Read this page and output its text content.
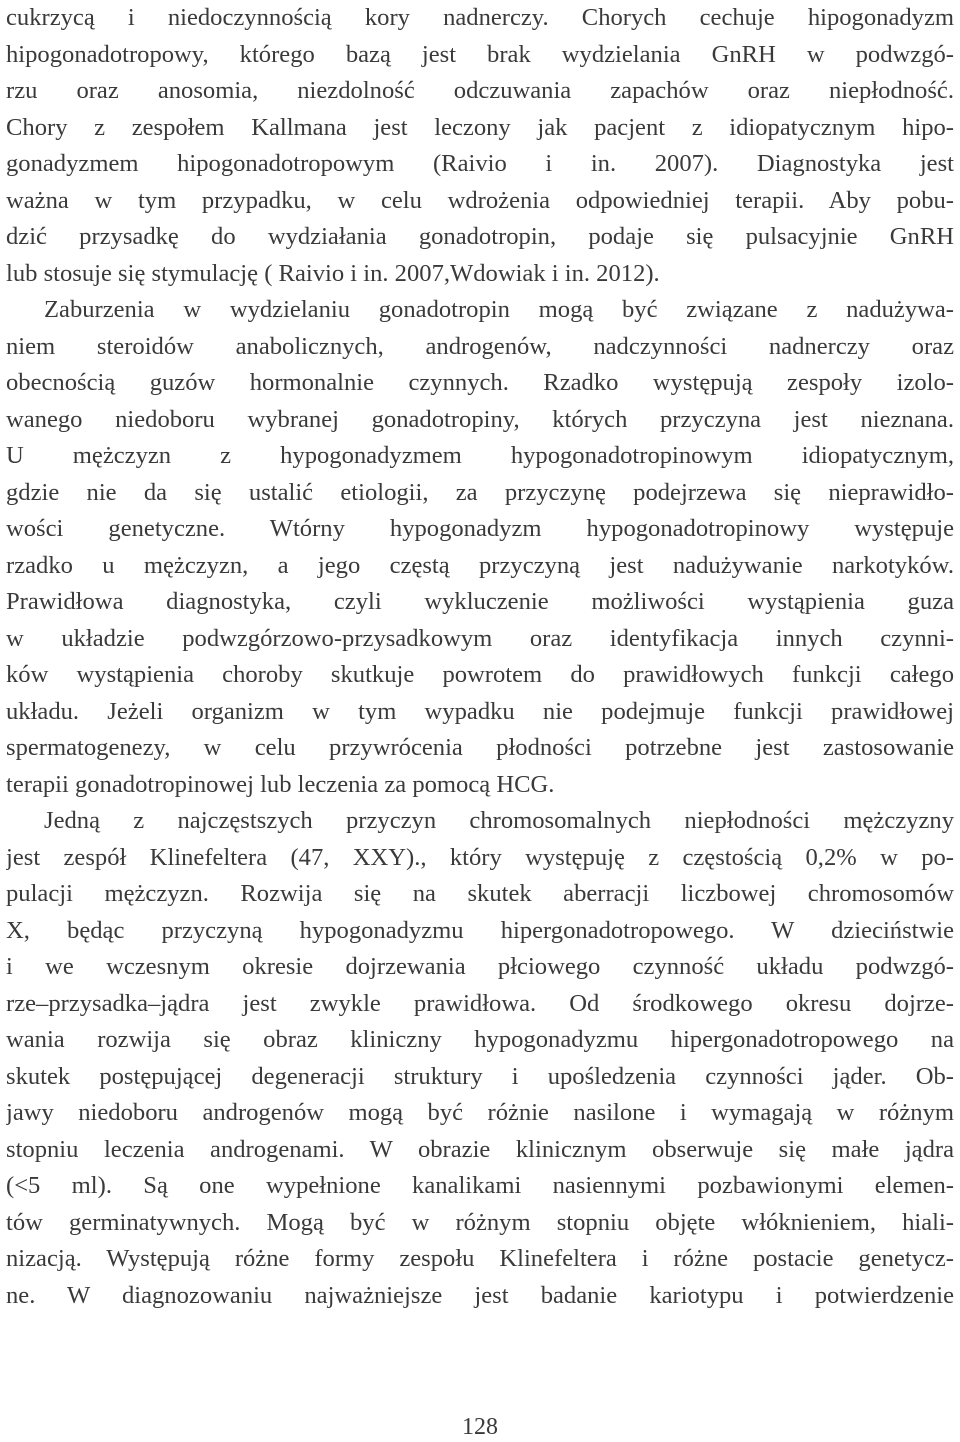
cukrzycą i niedoczynnością kory nadnerczy. Chorych cechuje hipogonadyzm
hipogonadotropowy, którego bazą jest brak wydzielania GnRH w podwzgó-
rzu oraz anosomia, niezdolność odczuwania zapachów oraz niepłodność.
Chory z zespołem Kallmana jest leczony jak pacjent z idiopatycznym hipo-
gonadyzmem hipogonadotropowym (Raivio i in. 2007). Diagnostyka jest
ważna w tym przypadku, w celu wdrożenia odpowiedniej terapii. Aby pobu-
dzić przysadkę do wydziałania gonadotropin, podaje się pulsacyjnie GnRH
lub stosuje się stymulację ( Raivio i in. 2007,Wdowiak i in. 2012).
Zaburzenia w wydzielaniu gonadotropin mogą być związane z nadużywa-
niem steroidów anabolicznych, androgenów, nadczynności nadnerczy oraz
obecnością guzów hormonalnie czynnych. Rzadko występują zespoły izolo-
wanego niedoboru wybranej gonadotropiny, których przyczyna jest nieznana.
U mężczyzn z hypogonadyzmem hypogonadotropinowym idiopatycznym,
gdzie nie da się ustalić etiologii, za przyczynę podejrzewa się nieprawidło-
wości genetyczne. Wtórny hypogonadyzm hypogonadotropinowy występuje
rzadko u mężczyzn, a jego częstą przyczyną jest nadużywanie narkotyków.
Prawidłowa diagnostyka, czyli wykluczenie możliwości wystąpienia guza
w układzie podwzgórzowo-przysadkowym oraz identyfikacja innych czynni-
ków wystąpienia choroby skutkuje powrotem do prawidłowych funkcji całego
układu. Jeżeli organizm w tym wypadku nie podejmuje funkcji prawidłowej
spermatogenezy, w celu przywrócenia płodności potrzebne jest zastosowanie
terapii gonadotropinowej lub leczenia za pomocą HCG.
Jedną z najczęstszych przyczyn chromosomalnych niepłodności mężczyzny
jest zespół Klinefeltera (47, XXY)., który występuję z częstością 0,2% w po-
pulacji mężczyzn. Rozwija się na skutek aberracji liczbowej chromosomów
X, będąc przyczyną hypogonadyzmu hipergonadotropowego. W dzieciństwie
i we wczesnym okresie dojrzewania płciowego czynność układu podwzgó-
rze–przysadka–jądra jest zwykle prawidłowa. Od środkowego okresu dojrze-
wania rozwija się obraz kliniczny hypogonadyzmu hipergonadotropowego na
skutek postępującej degeneracji struktury i upośledzenia czynności jąder. Ob-
jawy niedoboru androgenów mogą być różnie nasilone i wymagają w różnym
stopniu leczenia androgenami. W obrazie klinicznym obserwuje się małe jądra
(<5 ml). Są one wypełnione kanalikami nasiennymi pozbawionymi elemen-
tów germinatywnych. Mogą być w różnym stopniu objęte włóknieniem, hiali-
nizacją. Występują różne formy zespołu Klinefeltera i różne postacie genetycz-
ne. W diagnozowaniu najważniejsze jest badanie kariotypu i potwierdzenie
128
